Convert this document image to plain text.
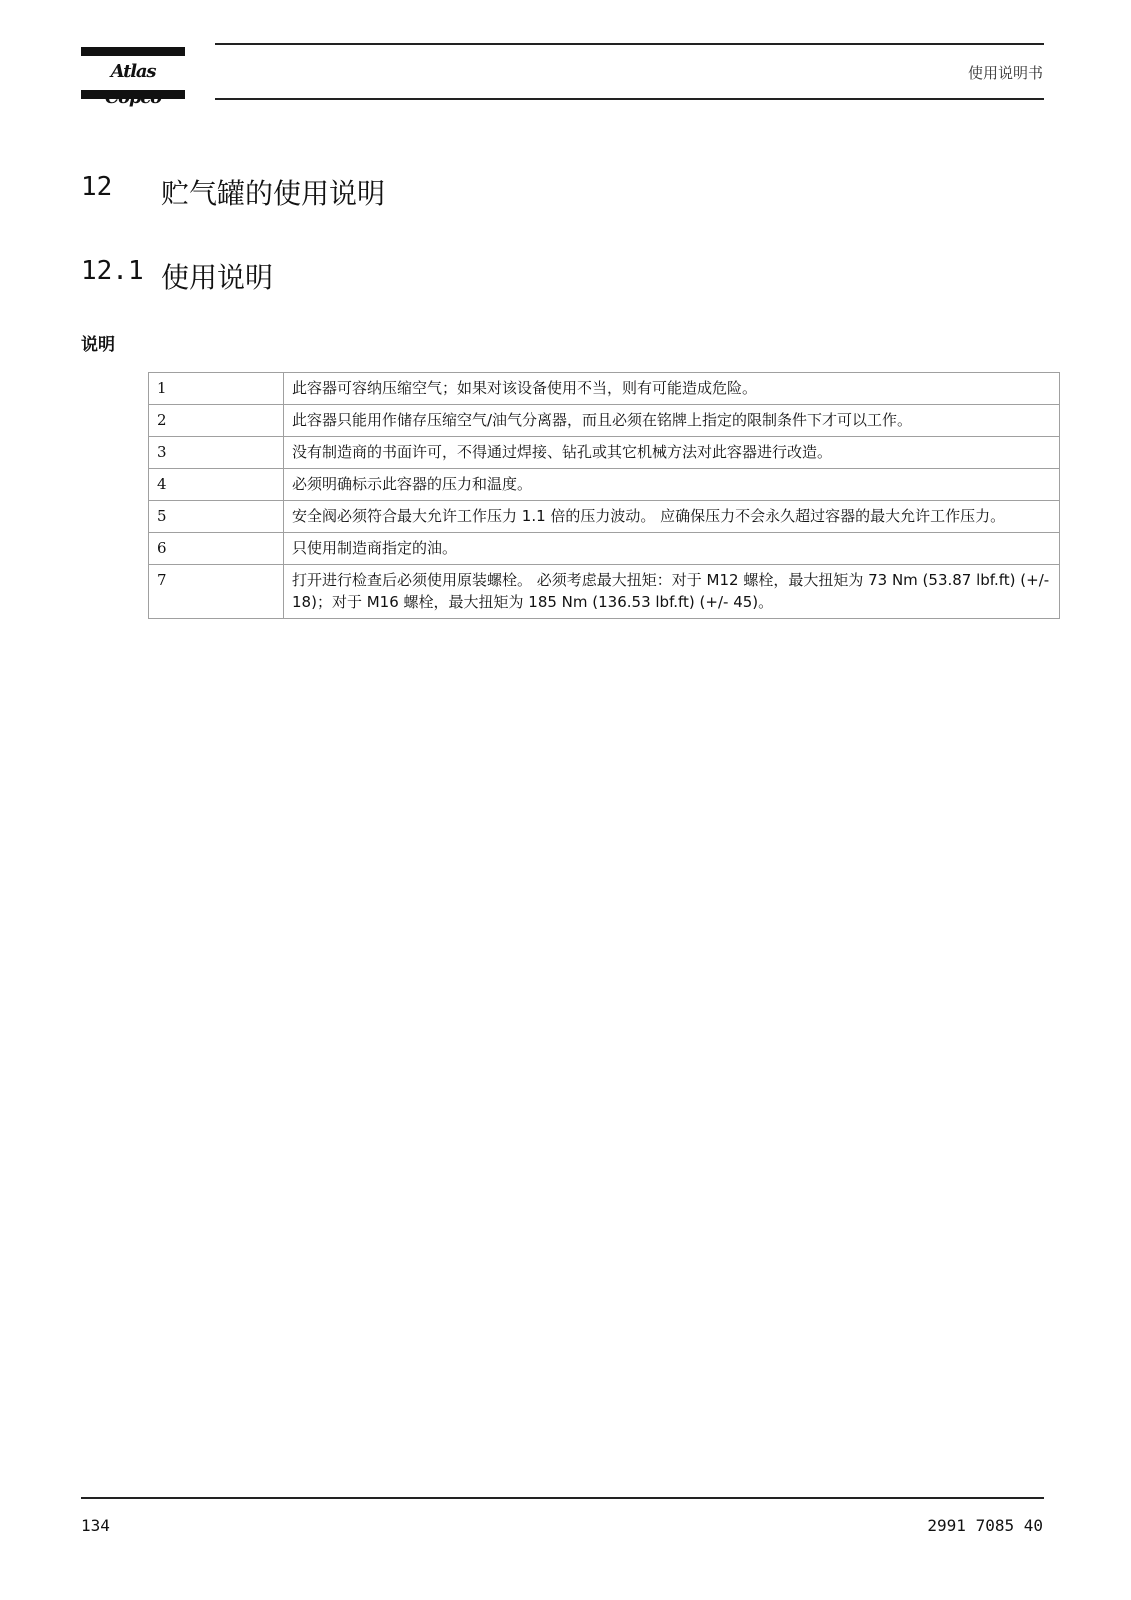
Atlas	使用说明书
12	贮气罐的使用说明
12.1 使用说明
说明
1	此容器可容纳压缩空气；如果对该设备使用不当，则有可能造成危险。
2	此容器只能用作储存压缩空气/油气分离器，而且必须在铭牌上指定的限制条件下才可以工作。
3	没有制造商的书面许可，不得通过焊接、钻孔或其它机械方法对此容器进行改造。
4	必须明确标示此容器的压力和温度。
5	安全阀必须符合最大允许工作压力 1.1 倍的压力波动。 应确保压力不会永久超过容器的最大允许工作压力。
6	只使用制造商指定的油。
7	打开进行检查后必须使用原装螺栓。 必须考虑最大扭矩：对于 M12 螺栓，最大扭矩为 73 Nm (53.87 lbf.ft) (+/- 18)；对于 M16 螺栓，最大扭矩为 185 Nm (136.53 lbf.ft) (+/- 45)。
134	2991 7085 40
